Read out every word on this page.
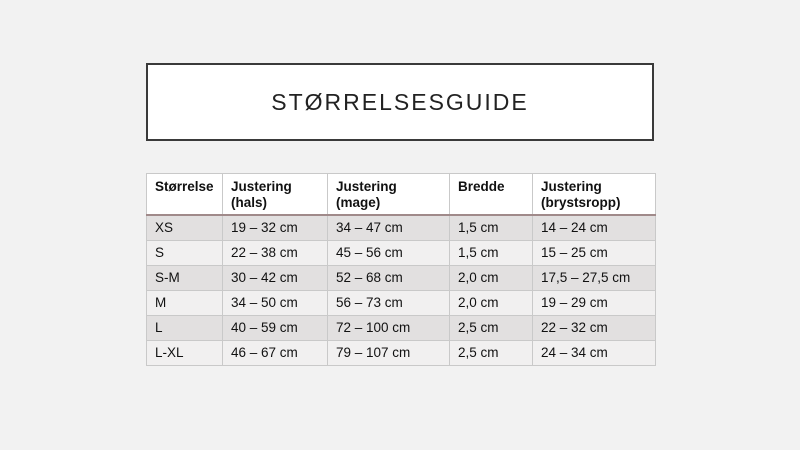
STØRRELSESGUIDE
Størrelse	Justering (hals)	Justering (mage)	Bredde	Justering (brystsropp)
XS	19 – 32 cm	34 – 47 cm	1,5 cm	14 – 24 cm
S	22 – 38 cm	45 – 56 cm	1,5 cm	15 – 25 cm
S-M	30 – 42 cm	52 – 68 cm	2,0 cm	17,5 – 27,5 cm
M	34 – 50 cm	56 – 73 cm	2,0 cm	19 – 29 cm
L	40 – 59 cm	72 – 100 cm	2,5 cm	22 – 32 cm
L-XL	46 – 67 cm	79 – 107 cm	2,5 cm	24 – 34 cm
